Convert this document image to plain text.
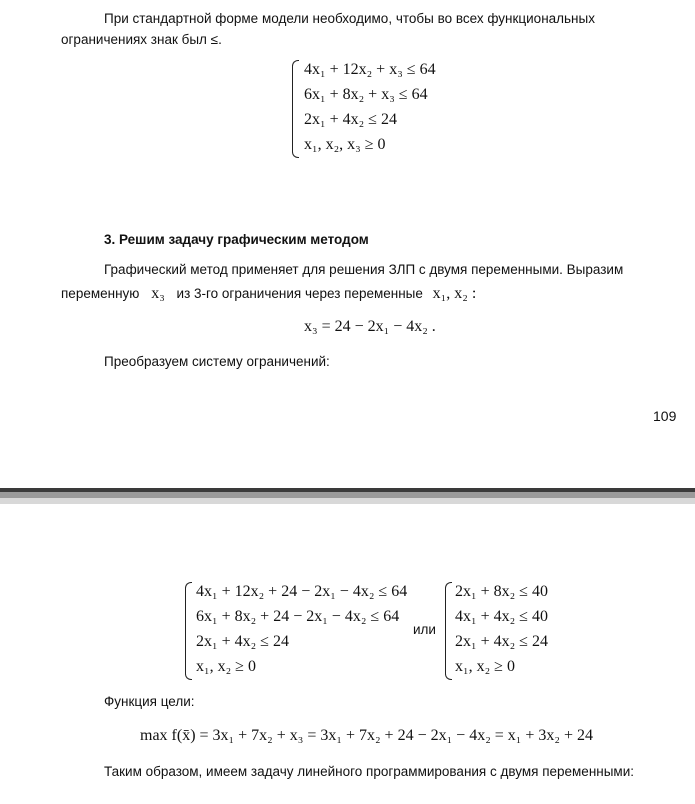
При стандартной форме модели необходимо, чтобы во всех функциональных
ограничениях знак был ≤.
4x₁ + 12x₂ + x₃ ≤ 64
6x₁ + 8x₂ + x₃ ≤ 64
2x₁ + 4x₂ ≤ 24
x₁, x₂, x₃ ≥ 0
3. Решим задачу графическим методом
Графический метод применяет для решения ЗЛП с двумя переменными. Выразим
переменную x₃ из 3-го ограничения через переменные x₁, x₂ :
x₃ = 24 − 2x₁ − 4x₂ .
Преобразуем систему ограничений:
109
4x₁ + 12x₂ + 24 − 2x₁ − 4x₂ ≤ 64
6x₁ + 8x₂ + 24 − 2x₁ − 4x₂ ≤ 64
2x₁ + 4x₂ ≤ 24
x₁, x₂ ≥ 0
или
2x₁ + 8x₂ ≤ 40
4x₁ + 4x₂ ≤ 40
2x₁ + 4x₂ ≤ 24
x₁, x₂ ≥ 0
Функция цели:
max f(x̄) = 3x₁ + 7x₂ + x₃ = 3x₁ + 7x₂ + 24 − 2x₁ − 4x₂ = x₁ + 3x₂ + 24
Таким образом, имеем задачу линейного программирования с двумя переменными:
